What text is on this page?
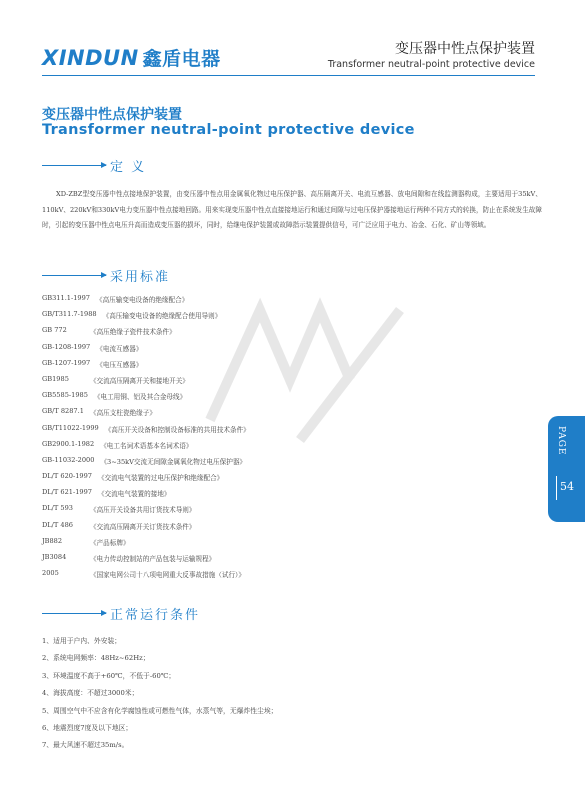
XINDUN 鑫盾电器	变压器中性点保护装置
Transformer neutral-point protective device
变压器中性点保护装置
Transformer neutral-point protective device
定 义
XD-ZBZ型变压器中性点接地保护装置，由变压器中性点用金属氧化物过电压保护器、高压隔离开关、电流互感器、放电间隙和在线监测器构成，主要适用于35kV、110kV、220kV和330kV电力变压器中性点接地回路。用来实现变压器中性点直接接地运行和通过间隙与过电压保护器接地运行两种不同方式的转换，防止在系统发生故障时，引起的变压器中性点电压升高而造成变压器的损坏，同时，给继电保护装置或故障指示装置提供信号，可广泛应用于电力、冶金、石化、矿山等领域。
采用标准
GB311.1-1997 《高压输变电设备的绝缘配合》
GB/T311.7-1988 《高压输变电设备的绝缘配合使用导则》
GB 772	《高压绝缘子瓷件技术条件》
GB-1208-1997 《电流互感器》
GB-1207-1997 《电压互感器》
GB1985	《交流高压隔离开关和接地开关》
GB5585-1985 《电工用铜、铝及其合金母线》
GB/T 8287.1 《高压支柱瓷绝缘子》
GB/T11022-1999 《高压开关设备和控制设备标准的共用技术条件》
GB2900.1-1982 《电工名词术语基本名词术语》
GB-11032-2000 《3~35kV交流无间隙金属氧化物过电压保护器》
DL/T 620-1997 《交流电气装置的过电压保护和绝缘配合》
DL/T 621-1997 《交流电气装置的接地》
DL/T 593	《高压开关设备共用订货技术导则》
DL/T 486	《交流高压隔离开关订货技术条件》
JB882	《产品标牌》
JB3084	《电力传动控制站的产品包装与运输规程》
2005	《国家电网公司十八项电网重大反事故措施（试行）》
正常运行条件
1、适用于户内、外安装；
2、系统电网频率：48Hz~62Hz；
3、环境温度不高于+60℃，不低于-60℃；
4、海拔高度：不超过3000米；
5、周围空气中不应含有化学腐蚀性或可燃性气体，水蒸气等，无爆炸性尘埃；
6、地震烈度7度及以下地区；
7、最大风速不超过35m/s。
PAGE
54
